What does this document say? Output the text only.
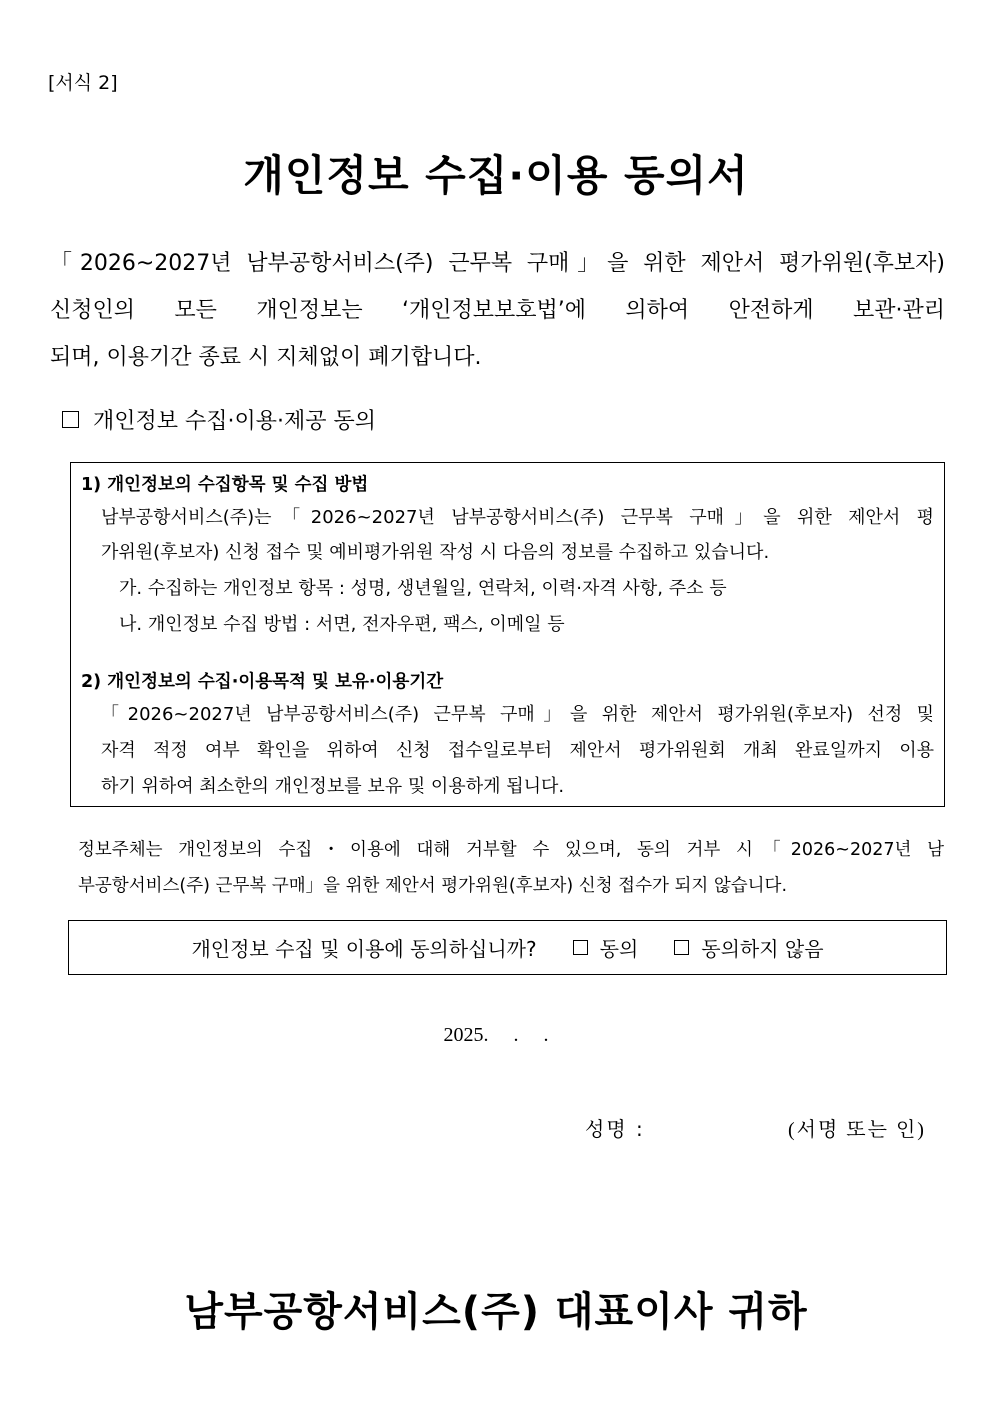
[서식 2]
개인정보 수집·이용 동의서

「2026~2027년 남부공항서비스(주) 근무복 구매」을 위한 제안서 평가위원(후보자)

신청인의 모든 개인정보는 ‘개인정보보호법’에 의하여 안전하게 보관·관리

되며, 이용기간 종료 시 지체없이 폐기합니다.

개인정보 수집·이용·제공 동의
1) 개인정보의 수집항목 및 수집 방법
남부공항서비스(주)는「2026~2027년 남부공항서비스(주) 근무복 구매」을 위한 제안서 평
가위원(후보자) 신청 접수 및 예비평가위원 작성 시 다음의 정보를 수집하고 있습니다.
가. 수집하는 개인정보 항목 : 성명, 생년월일, 연락처, 이력·자격 사항, 주소 등
나. 개인정보 수집 방법 : 서면, 전자우편, 팩스, 이메일 등
2) 개인정보의 수집·이용목적 및 보유·이용기간
「2026~2027년 남부공항서비스(주) 근무복 구매」을 위한 제안서 평가위원(후보자) 선정 및
자격 적정 여부 확인을 위하여 신청 접수일로부터 제안서 평가위원회 개최 완료일까지 이용
하기 위하여 최소한의 개인정보를 보유 및 이용하게 됩니다.
정보주체는 개인정보의 수집・이용에 대해 거부할 수 있으며, 동의 거부 시「2026~2027년 남
부공항서비스(주) 근무복 구매」을 위한 제안서 평가위원(후보자) 신청 접수가 되지 않습니다.
개인정보 수집 및 이용에 동의하십니까?	동의	동의하지 않음
2025.     .     .
성명 :	(서명 또는 인)
남부공항서비스(주) 대표이사 귀하
